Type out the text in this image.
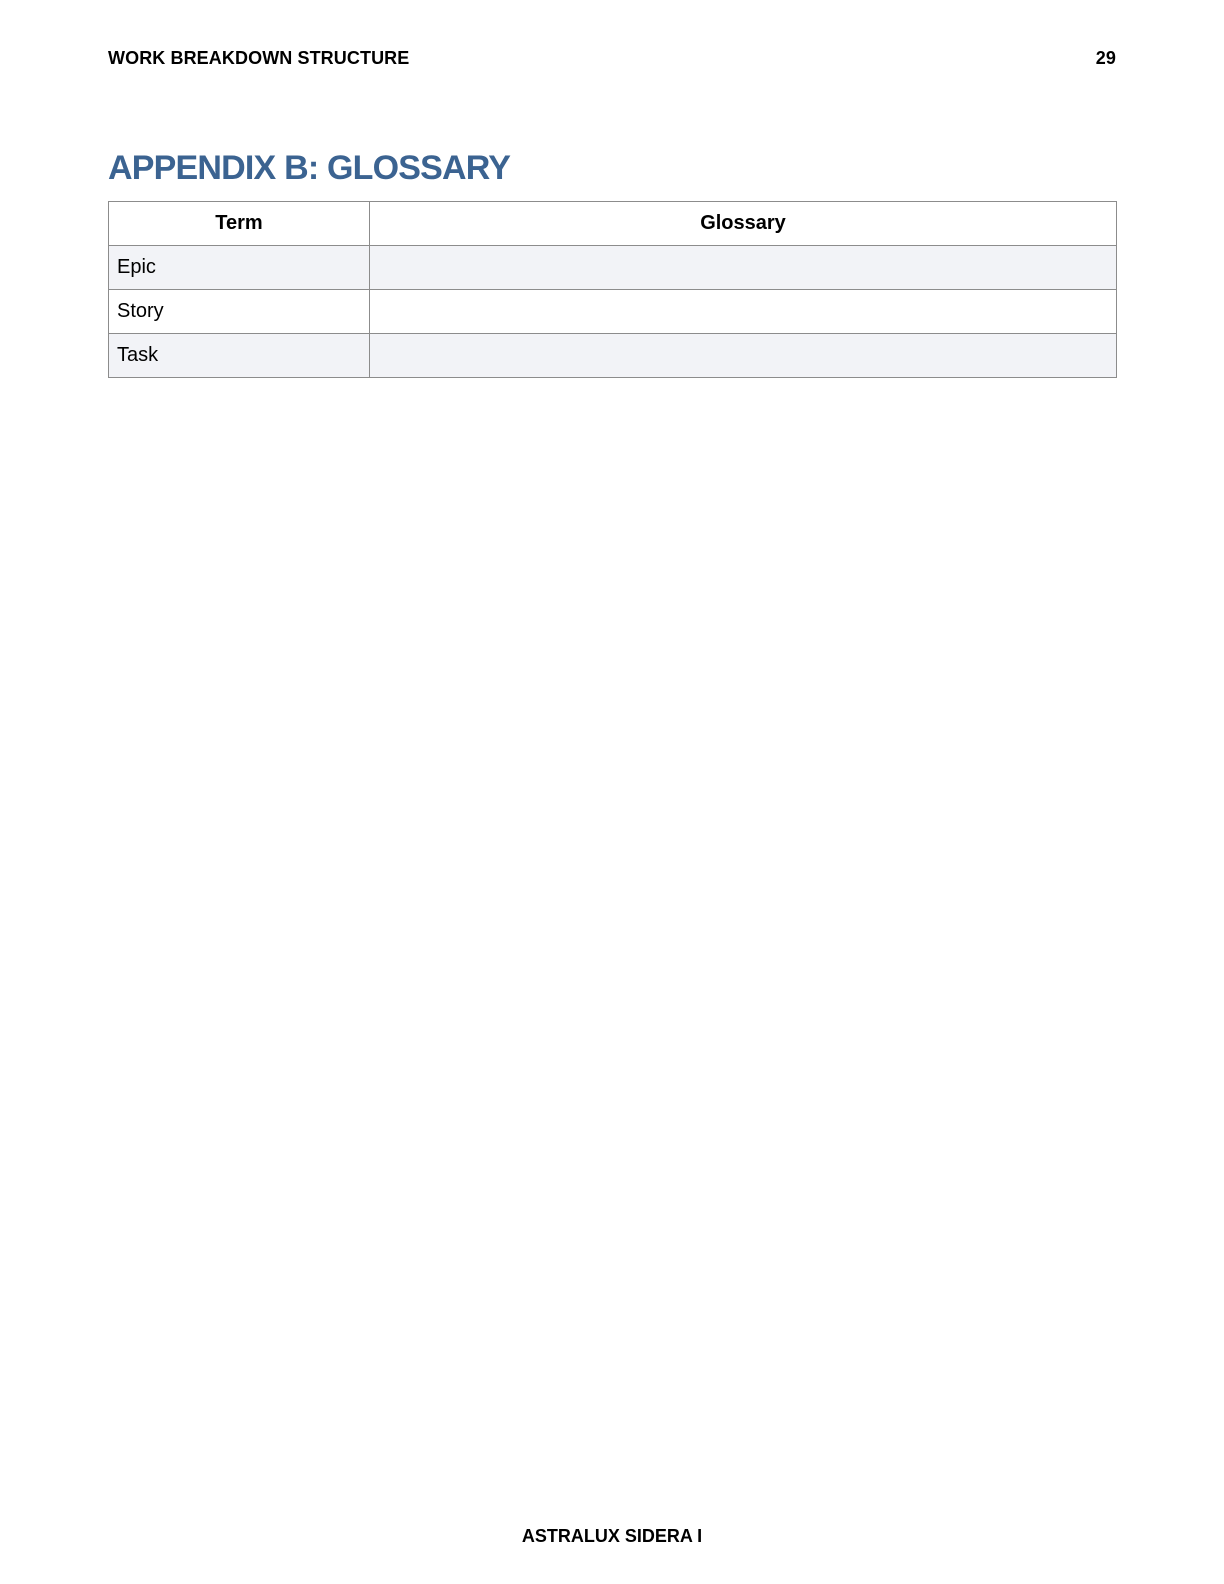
WORK BREAKDOWN STRUCTURE	29
APPENDIX B: GLOSSARY
Term	Glossary
Epic	
Story	
Task	
ASTRALUX SIDERA I
